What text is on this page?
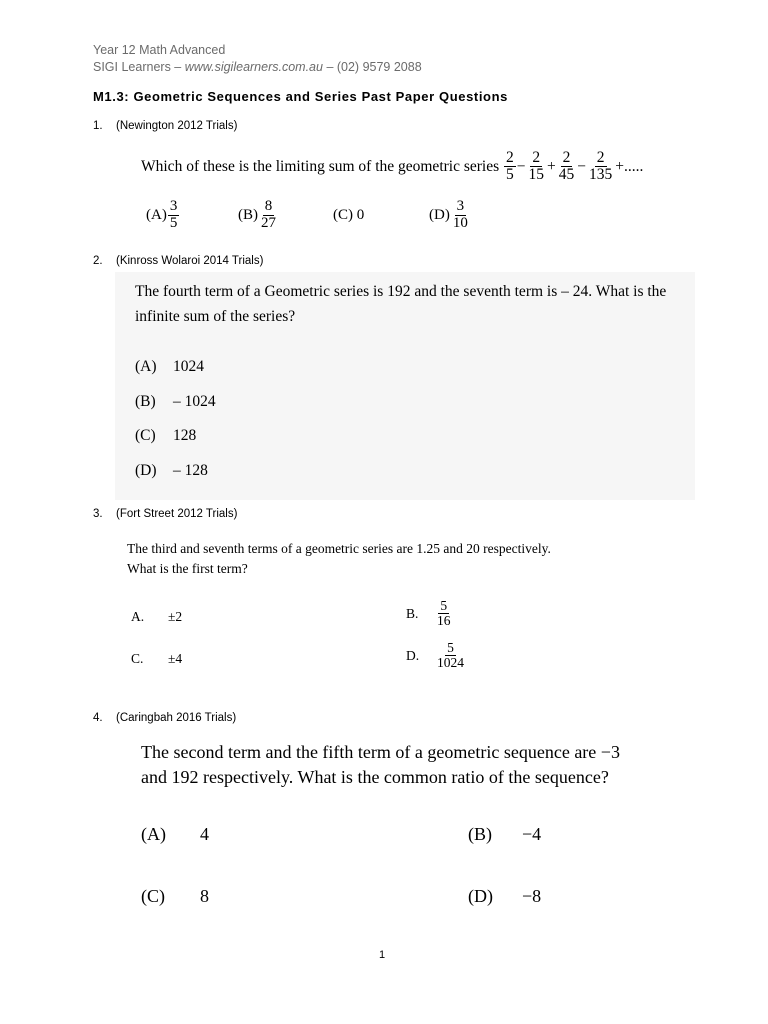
Year 12 Math Advanced
SIGI Learners – www.sigilearners.com.au – (02) 9579 2088
M1.3: Geometric Sequences and Series Past Paper Questions
1. (Newington 2012 Trials)
Which of these is the limiting sum of the geometric series $\frac{2}{5} - \frac{2}{15} + \frac{2}{45} - \frac{2}{135}$ +.....
$(A) \frac{3}{5}$	$(B) \frac{8}{27}$	(C) 0	$(D) \frac{3}{10}$
2. (Kinross Wolaroi 2014 Trials)
The fourth term of a Geometric series is 192 and the seventh term is – 24. What is the
infinite sum of the series?
(A) 1024
(B) – 1024
(C) 128
(D) – 128
3. (Fort Street 2012 Trials)
The third and seventh terms of a geometric series are 1.25 and 20 respectively.
What is the first term?
A. ±2	B. $\frac{5}{16}$
C. ±4	D. $\frac{5}{1024}$
4. (Caringbah 2016 Trials)
The second term and the fifth term of a geometric sequence are −3
and 192 respectively. What is the common ratio of the sequence?
(A) 4	(B) −4
(C) 8	(D) −8
1
